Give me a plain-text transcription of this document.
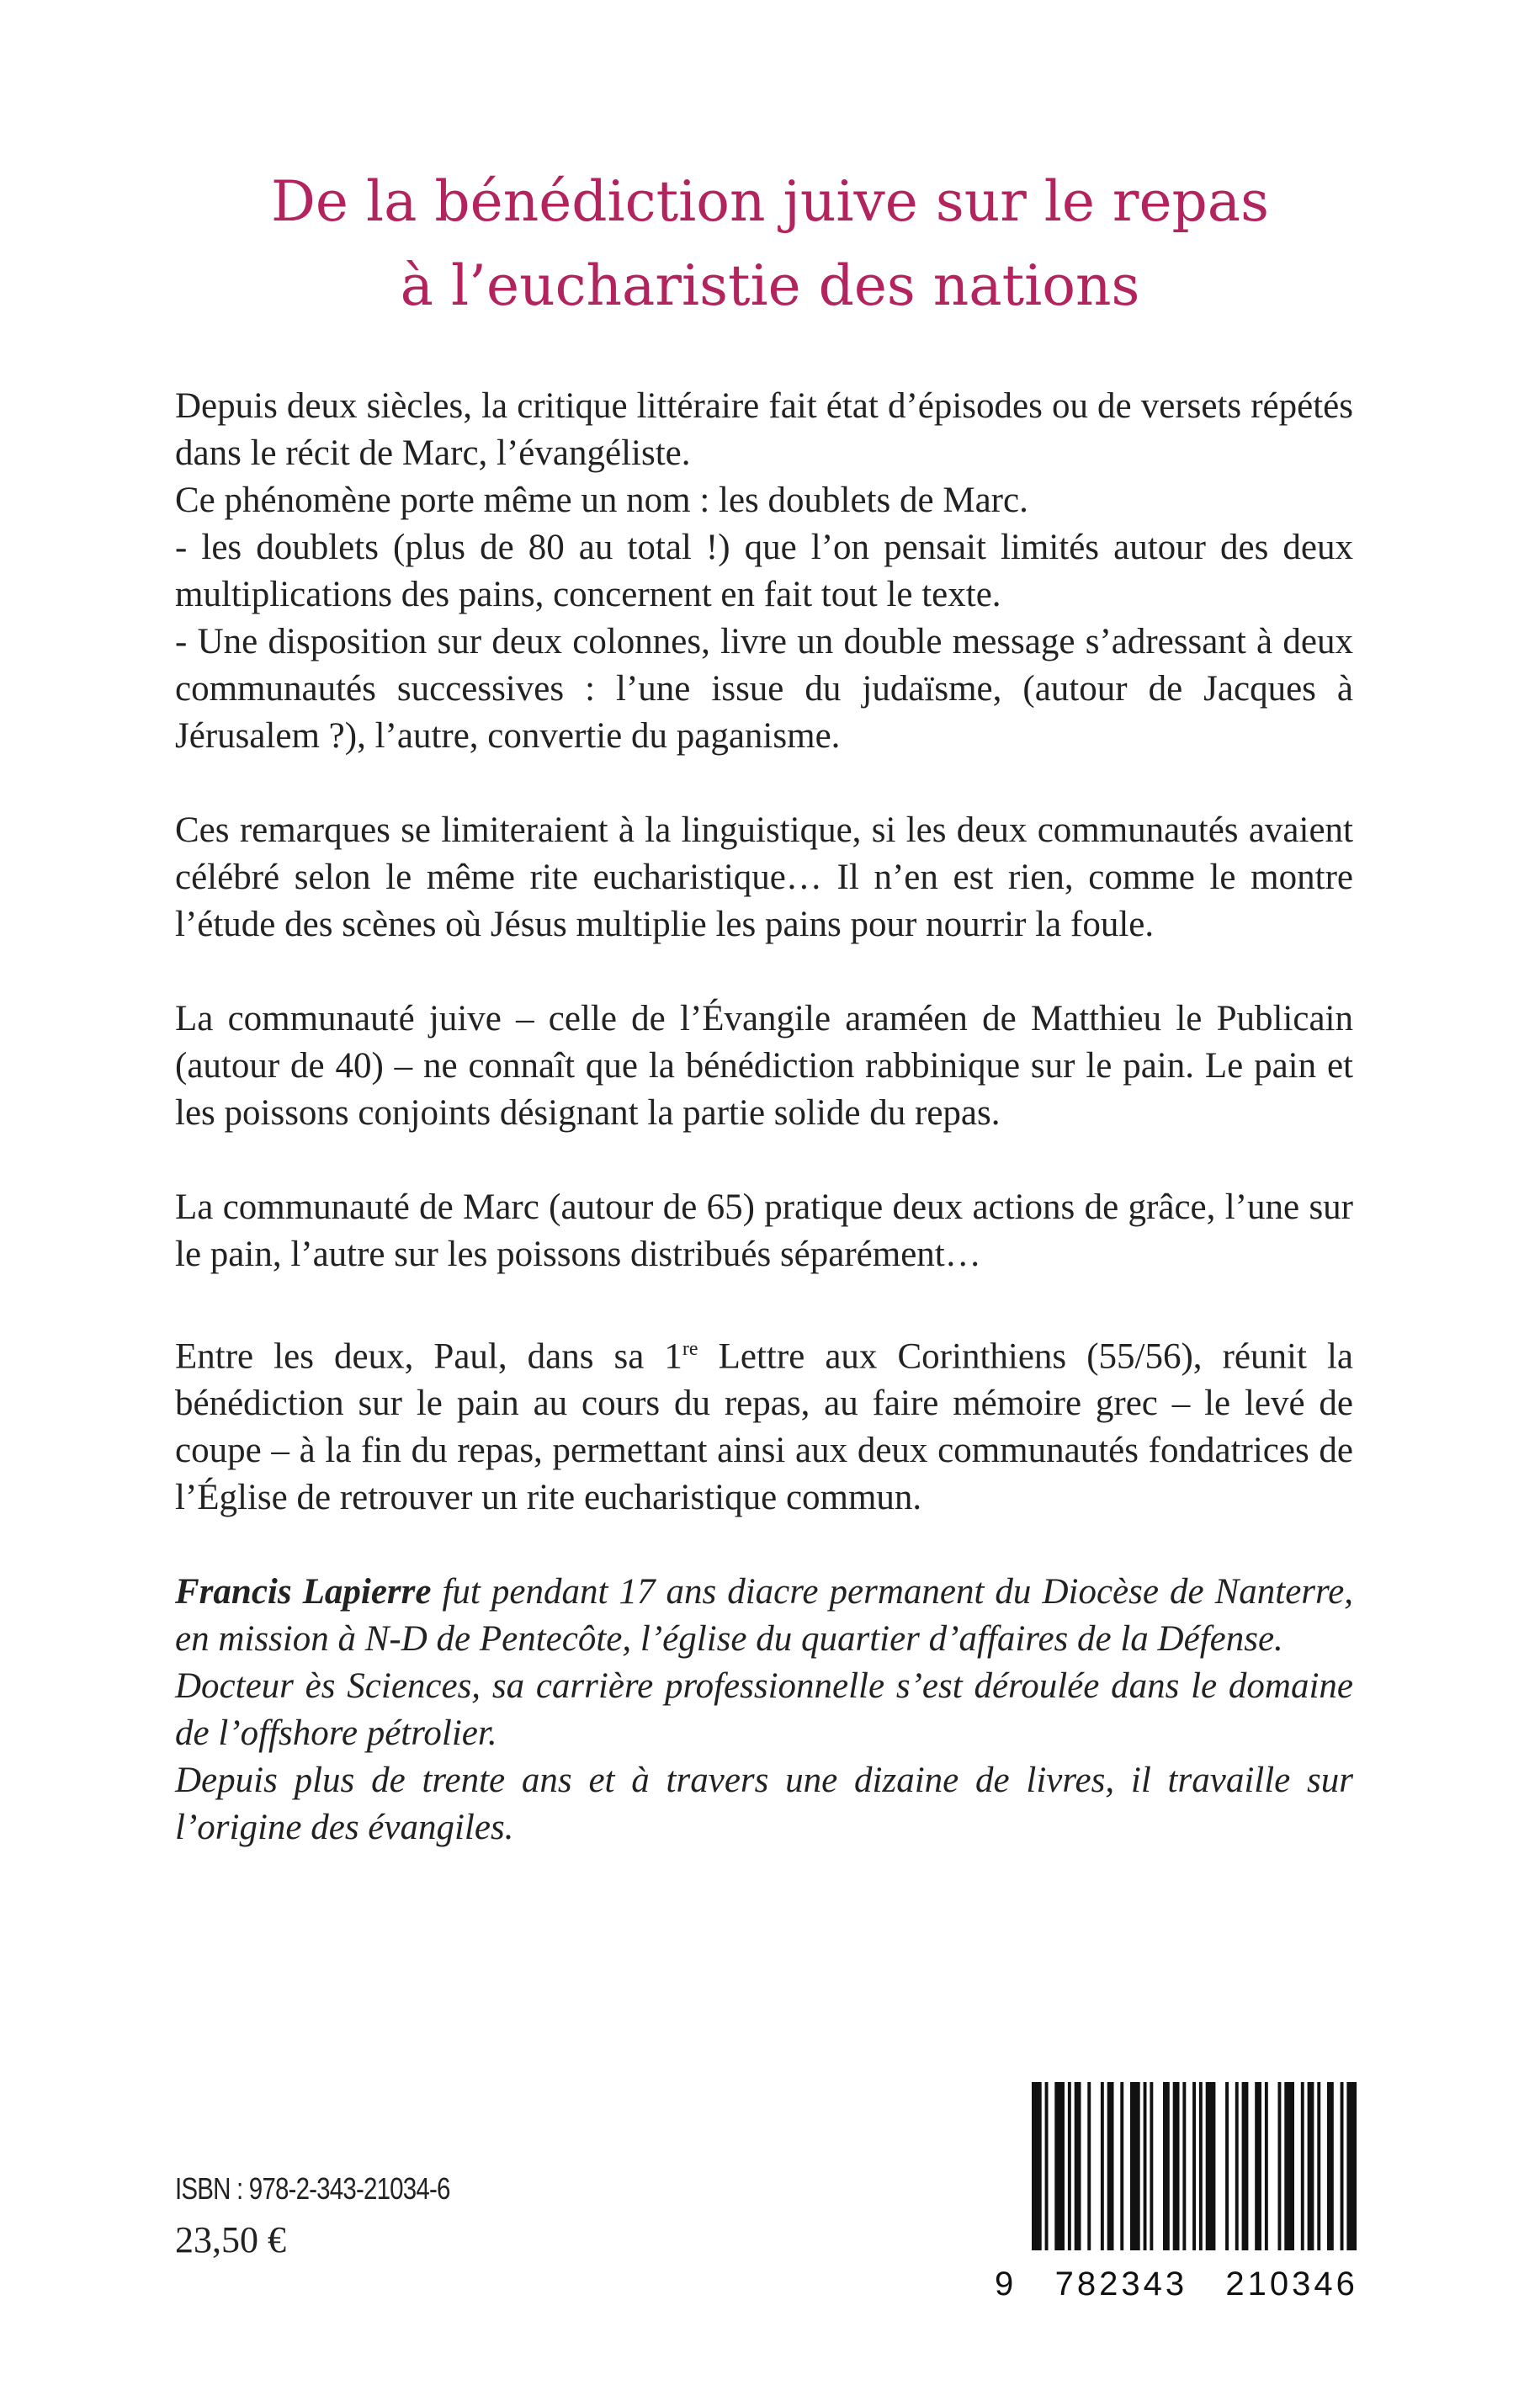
De la bénédiction juive sur le repas
à l’eucharistie des nations

Depuis deux siècles, la critique littéraire fait état d’épisodes ou de versets répétés dans le récit de Marc, l’évangéliste.

Ce phénomène porte même un nom : les doublets de Marc.

- les doublets (plus de 80 au total !) que l’on pensait limités autour des deux multiplications des pains, concernent en fait tout le texte.

- Une disposition sur deux colonnes, livre un double message s’adressant à deux communautés successives : l’une issue du judaïsme, (autour de Jacques à Jérusalem ?), l’autre, convertie du paganisme.

Ces remarques se limiteraient à la linguistique, si les deux communautés avaient célébré selon le même rite eucharistique… Il n’en est rien, comme le montre l’étude des scènes où Jésus multiplie les pains pour nourrir la foule.

La communauté juive – celle de l’Évangile araméen de Matthieu le Publicain (autour de 40) – ne connaît que la bénédiction rabbinique sur le pain. Le pain et les poissons conjoints désignant la partie solide du repas.

La communauté de Marc (autour de 65) pratique deux actions de grâce, l’une sur le pain, l’autre sur les poissons distribués séparément…

Entre les deux, Paul, dans sa 1re Lettre aux Corinthiens (55/56), réunit la bénédiction sur le pain au cours du repas, au faire mémoire grec – le levé de coupe – à la fin du repas, permettant ainsi aux deux communautés fondatrices de l’Église de retrouver un rite eucharistique commun.

Francis Lapierre fut pendant 17 ans diacre permanent du Diocèse de Nanterre, en mission à N-D de Pentecôte, l’église du quartier d’affaires de la Défense.

Docteur ès Sciences, sa carrière professionnelle s’est déroulée dans le domaine de l’offshore pétrolier.

Depuis plus de trente ans et à travers une dizaine de livres, il travaille sur l’origine des évangiles.

ISBN : 978-2-343-21034-6
23,50 €
9   782343   210346
